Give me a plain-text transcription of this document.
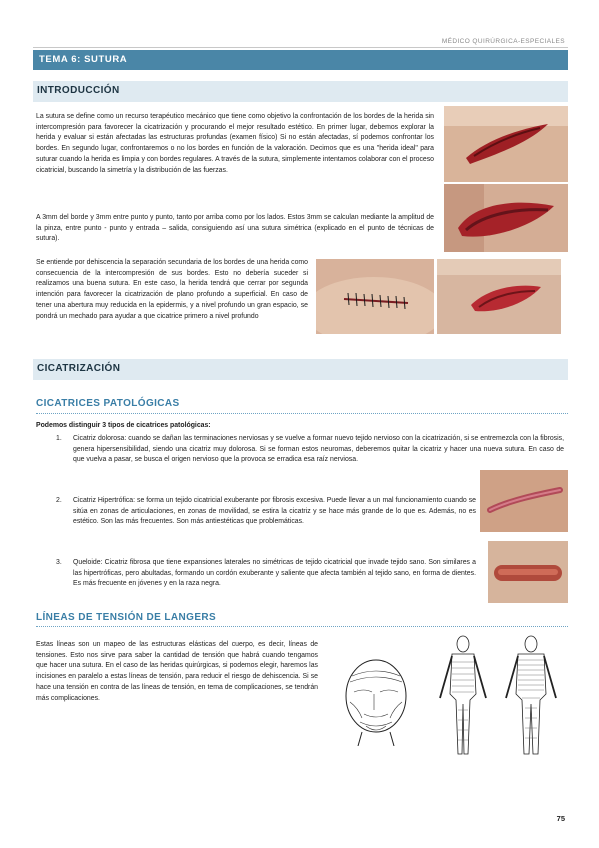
MÉDICO QUIRÚRGICA-ESPECIALES
TEMA 6: SUTURA
INTRODUCCIÓN
La sutura se define como un recurso terapéutico mecánico que tiene como objetivo la confrontación de los bordes de la herida sin intercompresión para favorecer la cicatrización y procurando el mejor resultado estético. En primer lugar, debemos explorar la herida y evaluar si están afectadas las estructuras profundas (examen físico) Si no están afectadas, sí podemos confrontar los bordes. En segundo lugar, confrontaremos o no los bordes en función de la valoración. Decimos que es una "herida ideal" para suturar cuando la herida es limpia y con bordes regulares. A través de la sutura, simplemente intentamos colaborar con el proceso cicatricial, buscando la simetría y la distribución de las fuerzas.
A 3mm del borde y 3mm entre punto y punto, tanto por arriba como por los lados. Estos 3mm se calculan mediante la amplitud de la pinza, entre punto - punto y entrada – salida, consiguiendo así una sutura simétrica (explicado en el punto de técnicas de sutura).
Se entiende por dehiscencia la separación secundaria de los bordes de una herida como consecuencia de la intercompresión de sus bordes. Esto no debería suceder si realizamos una buena sutura. En este caso, la herida tendrá que cerrar por segunda intención para favorecer la cicatrización de plano profundo a superficial. En caso de tener una abertura muy reducida en la epidermis, y a nivel profundo un gran espacio, se pondrá un mechado para ayudar a que cicatrice primero a nivel profundo
CICATRIZACIÓN
CICATRICES PATOLÓGICAS
Podemos distinguir 3 tipos de cicatrices patológicas:
1. Cicatriz dolorosa: cuando se dañan las terminaciones nerviosas y se vuelve a formar nuevo tejido nervioso con la cicatrización, si se entremezcla con la fibrosis, genera hipersensibilidad, siendo una cicatriz muy dolorosa. Si se forman estos neuromas, deberemos quitar la cicatriz y hacer una nueva sutura. En caso de que vuelva a pasar, se busca el origen nervioso que la provoca se erradica esa raíz nerviosa.
2. Cicatriz Hipertrófica: se forma un tejido cicatricial exuberante por fibrosis excesiva. Puede llevar a un mal funcionamiento cuando se sitúa en zonas de articulaciones, en zonas de movilidad, se estira la cicatriz y se hace más grande de lo que es. Además, no es estético. Son las más frecuentes. Son más antiestéticas que problemáticas.
3. Queloide: Cicatriz fibrosa que tiene expansiones laterales no simétricas de tejido cicatricial que invade tejido sano. Son similares a las hipertróficas, pero abultadas, formando un cordón exuberante y saliente que afecta también al tejido sano, en forma de dientes. Es más frecuente en jóvenes y en la raza negra.
LÍNEAS DE TENSIÓN DE LANGERS
Estas líneas son un mapeo de las estructuras elásticas del cuerpo, es decir, líneas de tensiones. Esto nos sirve para saber la cantidad de tensión que habrá cuando tengamos que hacer una sutura. En el caso de las heridas quirúrgicas, si podemos elegir, haremos las incisiones en paralelo a estas líneas de tensión, para reducir el riesgo de dehiscencia. Si se hace una tensión en contra de las líneas de tensión, en tema de complicaciones, se tendrán más complicaciones.
75
